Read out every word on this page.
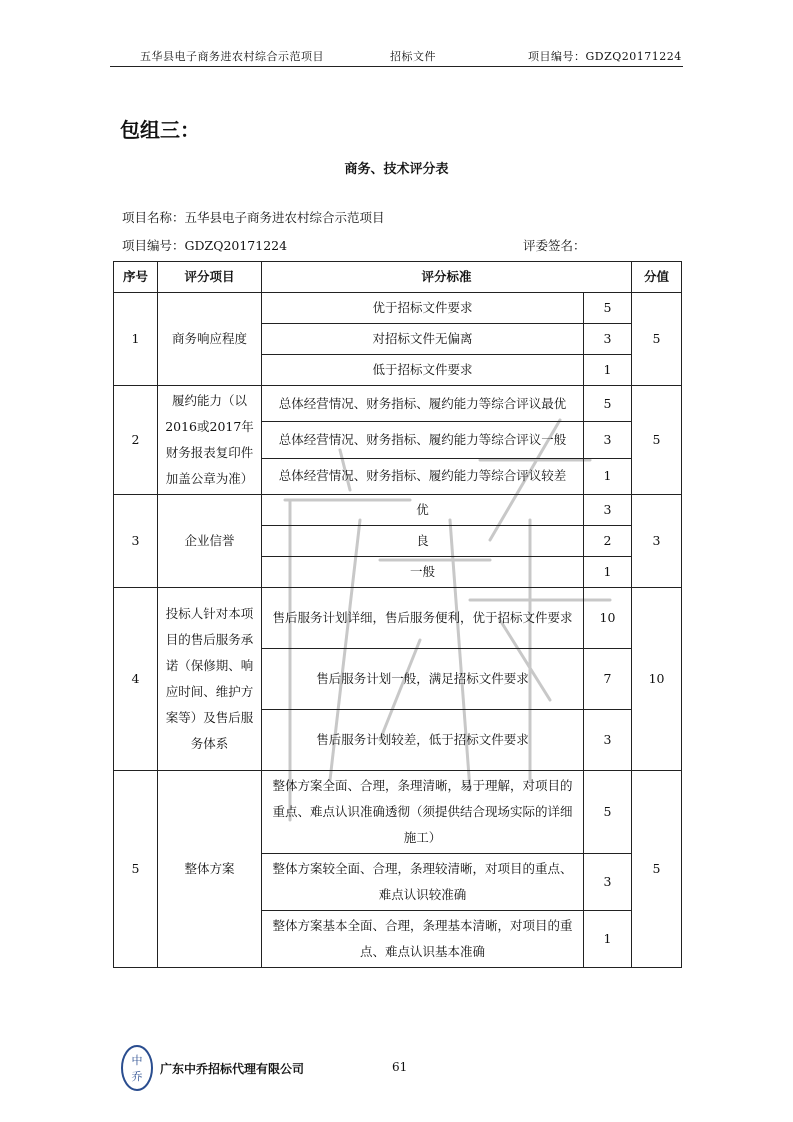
五华县电子商务进农村综合示范项目	招标文件	项目编号：GDZQ20171224
包组三：
商务、技术评分表
项目名称：五华县电子商务进农村综合示范项目
项目编号：GDZQ20171224	评委签名：
序号	评分项目	评分标准		分值
1	商务响应程度	优于招标文件要求	5	5
		对招标文件无偏离	3	
		低于招标文件要求	1	
2	履约能力（以2016或2017年财务报表复印件加盖公章为准）	总体经营情况、财务指标、履约能力等综合评议最优	5	5
		总体经营情况、财务指标、履约能力等综合评议一般	3	
		总体经营情况、财务指标、履约能力等综合评议较差	1	
3	企业信誉	优	3	3
		良	2	
		一般	1	
4	投标人针对本项目的售后服务承诺（保修期、响应时间、维护方案等）及售后服务体系	售后服务计划详细，售后服务便利，优于招标文件要求	10	10
		售后服务计划一般，满足招标文件要求	7	
		售后服务计划较差，低于招标文件要求	3	
5	整体方案	整体方案全面、合理，条理清晰，易于理解，对项目的重点、难点认识准确透彻（须提供结合现场实际的详细施工）	5	5
		整体方案较全面、合理，条理较清晰，对项目的重点、难点认识较准确	3	
		整体方案基本全面、合理，条理基本清晰，对项目的重点、难点认识基本准确	1	
中
乔
广东中乔招标代理有限公司	61
